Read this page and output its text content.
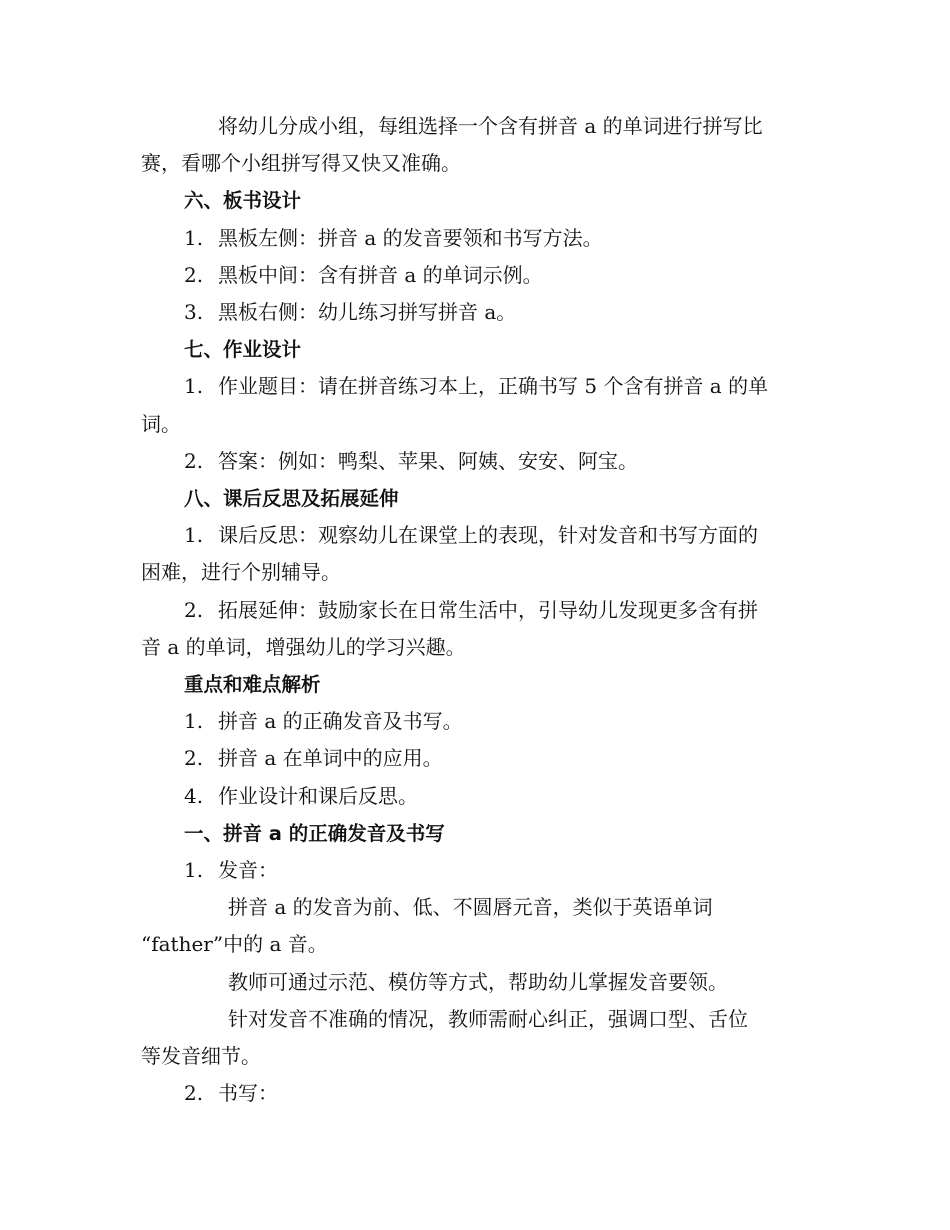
将幼儿分成小组，每组选择一个含有拼音 a 的单词进行拼写比

赛，看哪个小组拼写得又快又准确。

六、板书设计

1. 黑板左侧：拼音 a 的发音要领和书写方法。

2. 黑板中间：含有拼音 a 的单词示例。

3. 黑板右侧：幼儿练习拼写拼音 a。

七、作业设计

1. 作业题目：请在拼音练习本上，正确书写 5 个含有拼音 a 的单

词。

2. 答案：例如：鸭梨、苹果、阿姨、安安、阿宝。

八、课后反思及拓展延伸

1. 课后反思：观察幼儿在课堂上的表现，针对发音和书写方面的

困难，进行个别辅导。

2. 拓展延伸：鼓励家长在日常生活中，引导幼儿发现更多含有拼

音 a 的单词，增强幼儿的学习兴趣。

重点和难点解析

1. 拼音 a 的正确发音及书写。

2. 拼音 a 在单词中的应用。

4. 作业设计和课后反思。

一、拼音 a 的正确发音及书写

1. 发音：

拼音 a 的发音为前、低、不圆唇元音，类似于英语单词

“father”中的 a 音。

教师可通过示范、模仿等方式，帮助幼儿掌握发音要领。

针对发音不准确的情况，教师需耐心纠正，强调口型、舌位

等发音细节。

2. 书写：
